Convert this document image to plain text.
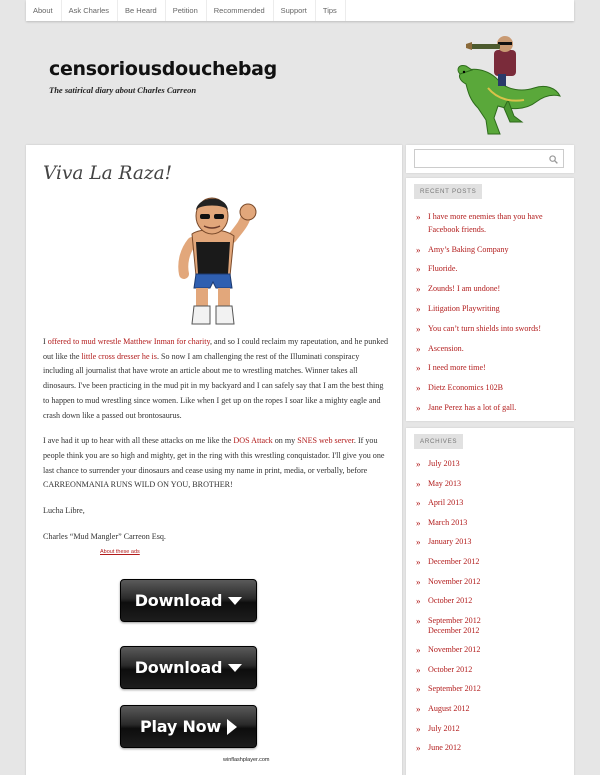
About	Ask Charles	Be Heard	Petition	Recommended	Support	Tips
censoriousdouchebag
The satirical diary about Charles Carreon
Viva La Raza!

I offered to mud wrestle Matthew Inman for charity, and so I could reclaim my rapeutation, and he punked out like the little cross dresser he is. So now I am challenging the rest of the Illuminati conspiracy including all journalist that have wrote an article about me to wrestling matches. Winner takes all dinosaurs. I've been practicing in the mud pit in my backyard and I can safely say that I am the best thing to happen to mud wrestling since women. Like when I get up on the ropes I soar like a mighty eagle and crash down like a passed out brontosaurus.

I ave had it up to hear with all these attacks on me like the DOS Attack on my SNES web server. If you people think you are so high and mighty, get in the ring with this wrestling conquistador. I'll give you one last chance to surrender your dinosaurs and cease using my name in print, media, or verbally, before CARREONMANIA RUNS WILD ON YOU, BROTHER!

Lucha Libre,

Charles “Mud Mangler” Carreon Esq.

About these ads
Download
Download
Play Now
winflashplayer.com
RECENT POSTS
» I have more enemies than you have Facebook friends.
» Amy’s Baking Company
» Fluoride.
» Zounds! I am undone!
» Litigation Playwriting
» You can’t turn shields into swords!
» Ascension.
» I need more time!
» Dietz Economics 102B
» Jane Perez has a lot of gall.
ARCHIVES
» July 2013
» May 2013
» April 2013
» March 2013
» January 2013
» December 2012
» November 2012
» October 2012
» September 2012
December 2012
» November 2012
» October 2012
» September 2012
» August 2012
» July 2012
» June 2012
